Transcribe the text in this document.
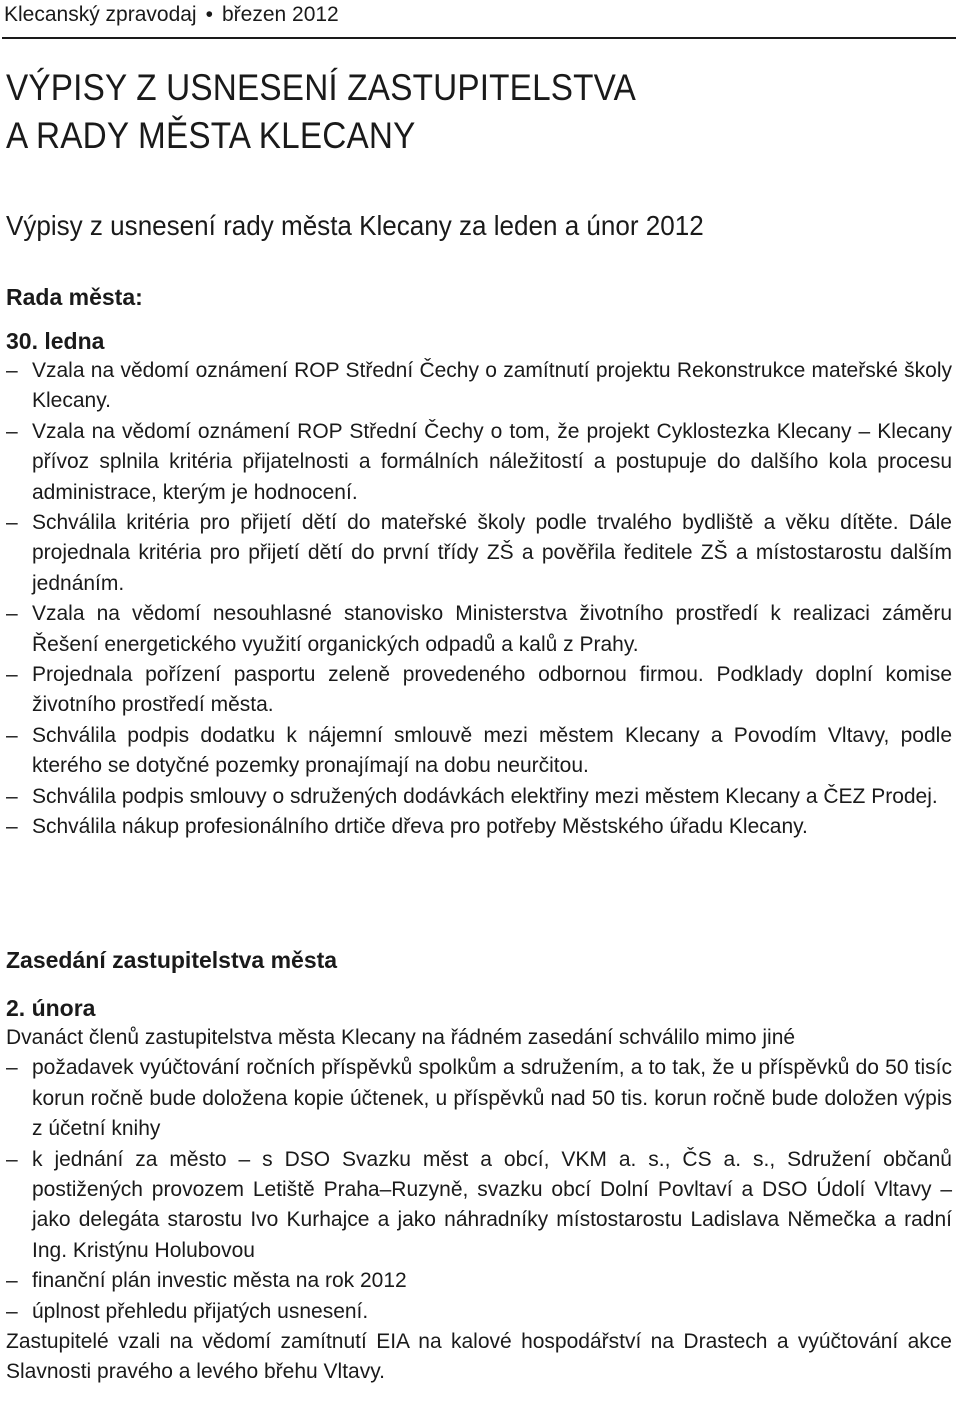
Klecanský zpravodaj • březen 2012
VÝPISY Z USNESENÍ ZASTUPITELSTVA
A RADY MĚSTA KLECANY
Výpisy z usnesení rady města Klecany za leden a únor 2012
Rada města:
30. ledna
– Vzala na vědomí oznámení ROP Střední Čechy o zamítnutí projektu Rekonstrukce mateřské školy Klecany.
– Vzala na vědomí oznámení ROP Střední Čechy o tom, že projekt Cyklostezka Klecany – Klecany přívoz splnila kritéria přijatelnosti a formálních náležitostí a postupuje do dalšího kola procesu administrace, kterým je hodnocení.
– Schválila kritéria pro přijetí dětí do mateřské školy podle trvalého bydliště a věku dítěte. Dále projednala kritéria pro přijetí dětí do první třídy ZŠ a pověřila ředitele ZŠ a místostarostu dalším jednáním.
– Vzala na vědomí nesouhlasné stanovisko Ministerstva životního prostředí k realizaci záměru Řešení energetického využití organických odpadů a kalů z Prahy.
– Projednala pořízení pasportu zeleně provedeného odbornou firmou. Podklady doplní komise životního prostředí města.
– Schválila podpis dodatku k nájemní smlouvě mezi městem Klecany a Povodím Vltavy, podle kterého se dotyčné pozemky pronajímají na dobu neurčitou.
– Schválila podpis smlouvy o sdružených dodávkách elektřiny mezi městem Klecany a ČEZ Prodej.
– Schválila nákup profesionálního drtiče dřeva pro potřeby Městského úřadu Klecany.
Zasedání zastupitelstva města
2. února
Dvanáct členů zastupitelstva města Klecany na řádném zasedání schválilo mimo jiné
– požadavek vyúčtování ročních příspěvků spolkům a sdružením, a to tak, že u příspěvků do 50 tisíc korun ročně bude doložena kopie účtenek, u příspěvků nad 50 tis. korun ročně bude doložen výpis z účetní knihy
– k jednání za město – s DSO Svazku měst a obcí, VKM a. s., ČS a. s., Sdružení občanů postižených provozem Letiště Praha–Ruzyně, svazku obcí Dolní Povltaví a DSO Údolí Vltavy – jako delegáta starostu Ivo Kurhajce a jako náhradníky místostarostu Ladislava Němečka a radní Ing. Kristýnu Holubovou
– finanční plán investic města na rok 2012
– úplnost přehledu přijatých usnesení.
Zastupitelé vzali na vědomí zamítnutí EIA na kalové hospodářství na Drastech a vyúčtování akce Slavnosti pravého a levého břehu Vltavy.
